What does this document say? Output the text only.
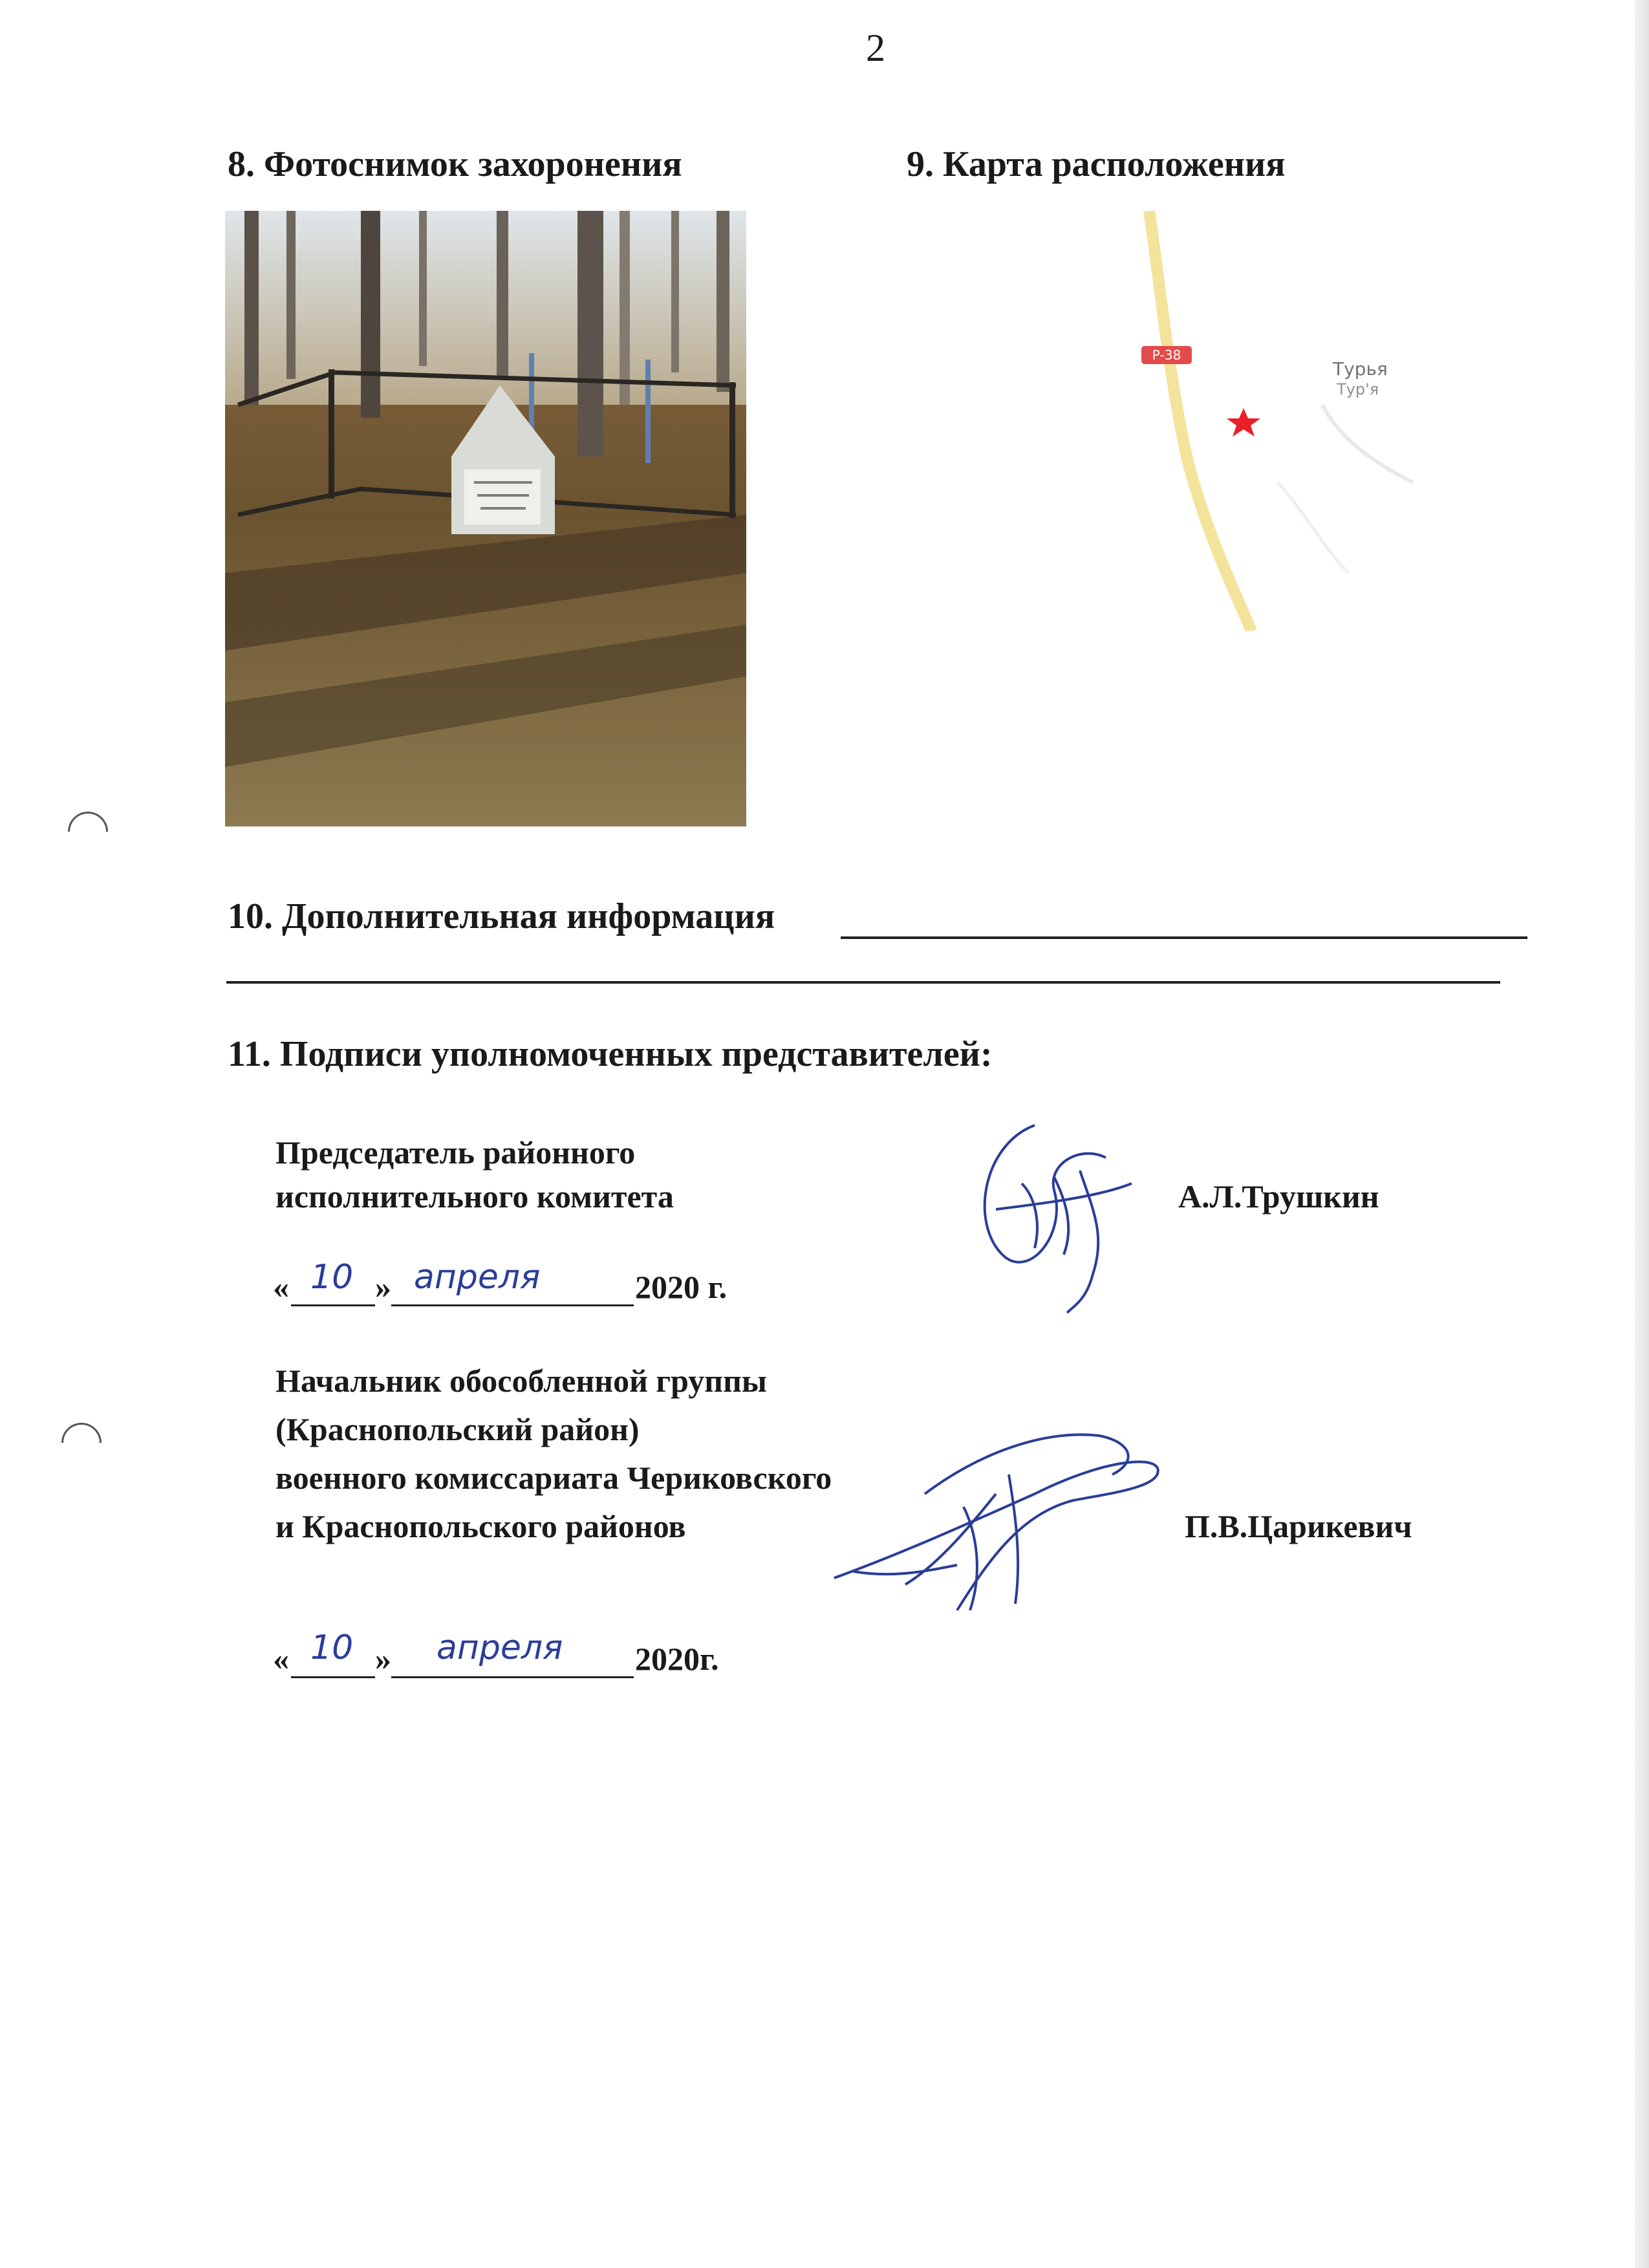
2
8. Фотоснимок захоронения	9. Карта расположения
Р-38
Турья
Тур'я
10. Дополнительная информация
11. Подписи уполномоченных представителей:
Председатель районного
исполнительного комитета	А.Л.Трушкин
« 10 » апреля	2020 г.
Начальник обособленной группы
(Краснопольский район)
военного комиссариата Чериковского
и Краснопольского районов	П.В.Царикевич
« 10 » апреля 2020г.
